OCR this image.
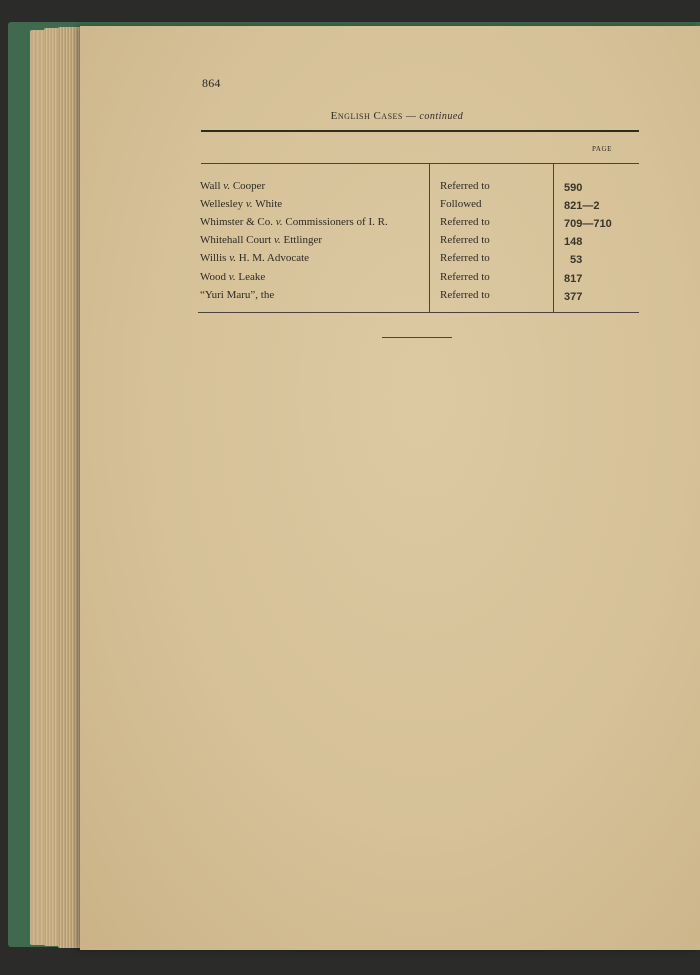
864
English Cases — continued
PAGE
Wall v. Cooper	Referred to	590
Wellesley v. White	Followed	821—2
Whimster & Co. v. Commissioners of I. R.	Referred to	709—710
Whitehall Court v. Ettlinger	Referred to	148
Willis v. H. M. Advocate	Referred to	53
Wood v. Leake	Referred to	817
“Yuri Maru”, the	Referred to	377
